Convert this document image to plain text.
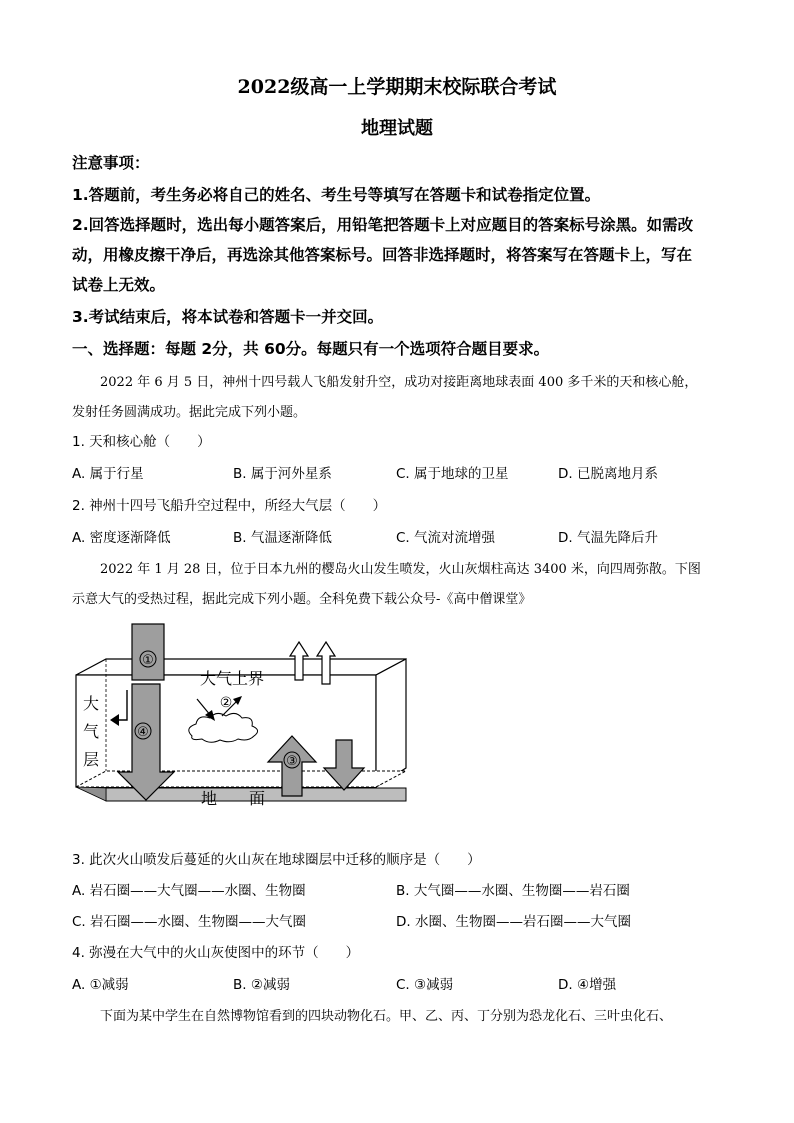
2022级高一上学期期末校际联合考试
地理试题
注意事项：
1.答题前，考生务必将自己的姓名、考生号等填写在答题卡和试卷指定位置。
2.回答选择题时，选出每小题答案后，用铅笔把答题卡上对应题目的答案标号涂黑。如需改
动，用橡皮擦干净后，再选涂其他答案标号。回答非选择题时，将答案写在答题卡上，写在
试卷上无效。
3.考试结束后，将本试卷和答题卡一并交回。
一、选择题：每题 2分，共 60分。每题只有一个选项符合题目要求。
2022 年 6 月 5 日，神州十四号载人飞船发射升空，成功对接距离地球表面 400 多千米的天和核心舱，
发射任务圆满成功。据此完成下列小题。
1. 天和核心舱（　　）
A. 属于行星	B. 属于河外星系	C. 属于地球的卫星	D. 已脱离地月系
2. 神州十四号飞船升空过程中，所经大气层（　　）
A. 密度逐渐降低	B. 气温逐渐降低	C. 气流对流增强	D. 气温先降后升
2022 年 1 月 28 日，位于日本九州的樱岛火山发生喷发，火山灰烟柱高达 3400 米，向四周弥散。下图
示意大气的受热过程，据此完成下列小题。全科免费下载公众号-《高中僧课堂》
①
④
大
气
层
大气上界
②
③
地　　面
3. 此次火山喷发后蔓延的火山灰在地球圈层中迁移的顺序是（　　）
A. 岩石圈——大气圈——水圈、生物圈	B. 大气圈——水圈、生物圈——岩石圈
C. 岩石圈——水圈、生物圈——大气圈	D. 水圈、生物圈——岩石圈——大气圈
4. 弥漫在大气中的火山灰使图中的环节（　　）
A. ①减弱	B. ②减弱	C. ③减弱	D. ④增强
下面为某中学生在自然博物馆看到的四块动物化石。甲、乙、丙、丁分别为恐龙化石、三叶虫化石、
